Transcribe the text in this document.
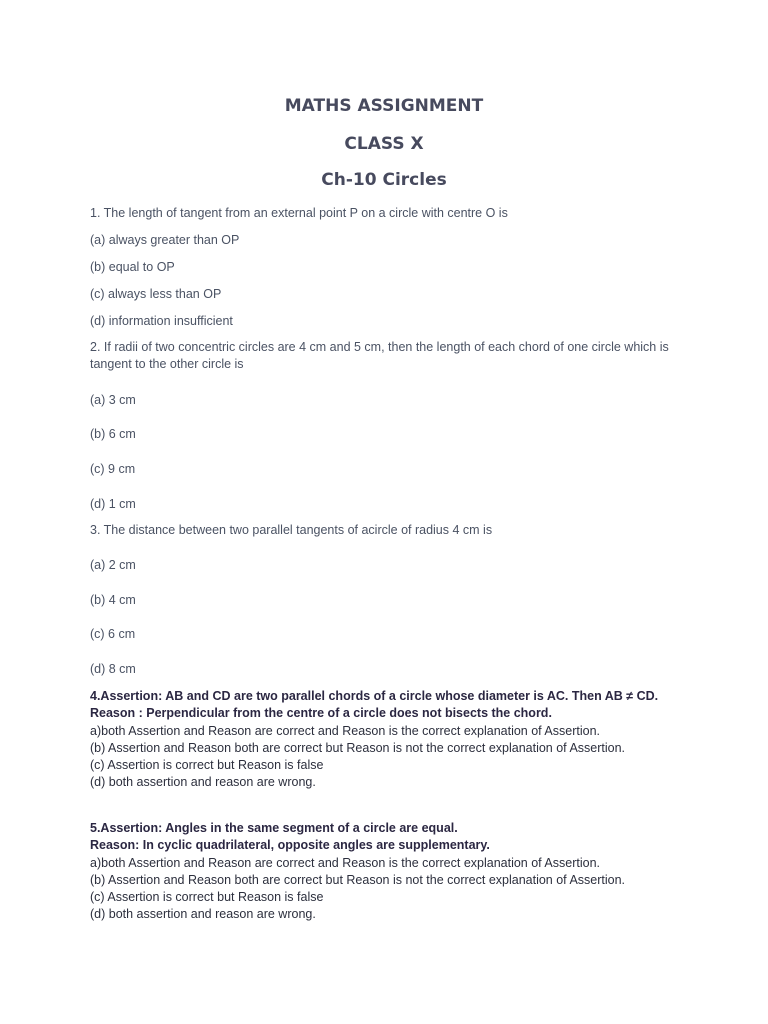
MATHS ASSIGNMENT
CLASS X
Ch-10 Circles
1. The length of tangent from an external point P on a circle with centre O is
(a) always greater than OP
(b) equal to OP
(c) always less than OP
(d) information insufficient
2. If radii of two concentric circles are 4 cm and 5 cm, then the length of each chord of one circle which is tangent to the other circle is
(a) 3 cm
(b) 6 cm
(c) 9 cm
(d) 1 cm
3. The distance between two parallel tangents of acircle of radius 4 cm is
(a) 2 cm
(b) 4 cm
(c) 6 cm
(d) 8 cm
4.Assertion: AB and CD are two parallel chords of a circle whose diameter is AC. Then AB ≠ CD.
Reason : Perpendicular from the centre of a circle does not bisects the chord.
a)both Assertion and Reason are correct and Reason is the correct explanation of Assertion.
(b) Assertion and Reason both are correct but Reason is not the correct explanation of Assertion.
(c) Assertion is correct but Reason is false
(d) both assertion and reason are wrong.
5.Assertion: Angles in the same segment of a circle are equal.
Reason: In cyclic quadrilateral, opposite angles are supplementary.
a)both Assertion and Reason are correct and Reason is the correct explanation of Assertion.
(b) Assertion and Reason both are correct but Reason is not the correct explanation of Assertion.
(c) Assertion is correct but Reason is false
(d) both assertion and reason are wrong.
